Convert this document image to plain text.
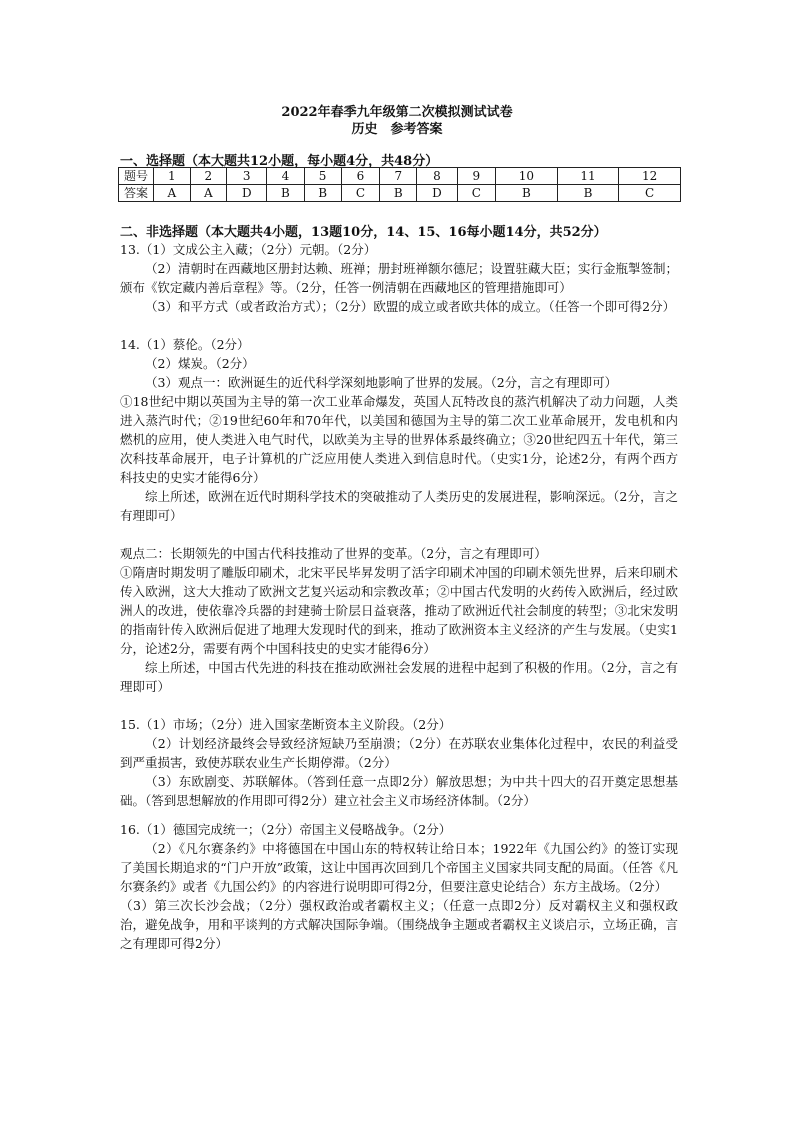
2022年春季九年级第二次模拟测试试卷
历史　参考答案
一、选择题（本大题共12小题，每小题4分，共48分）
题号	1	2	3	4	5	6	7	8	9	10	11	12
答案	A	A	D	B	B	C	B	D	C	B	B	C
二、非选择题（本大题共4小题，13题10分，14、15、16每小题14分，共52分）

13.（1）文成公主入藏；（2分）元朝。（2分）

（2）清朝时在西藏地区册封达赖、班禅；册封班禅额尔德尼；设置驻藏大臣；实行金瓶掣签制；颁布《钦定藏内善后章程》等。（2分，任答一例清朝在西藏地区的管理措施即可）

（3）和平方式（或者政治方式）；（2分）欧盟的成立或者欧共体的成立。（任答一个即可得2分）

14.（1）蔡伦。（2分）

（2）煤炭。（2分）

（3）观点一：欧洲诞生的近代科学深刻地影响了世界的发展。（2分，言之有理即可）

①18世纪中期以英国为主导的第一次工业革命爆发，英国人瓦特改良的蒸汽机解决了动力问题，人类进入蒸汽时代；②19世纪60年和70年代，以美国和德国为主导的第二次工业革命展开，发电机和内燃机的应用，使人类进入电气时代，以欧美为主导的世界体系最终确立；③20世纪四五十年代，第三次科技革命展开，电子计算机的广泛应用使人类进入到信息时代。（史实1分，论述2分，有两个西方科技史的史实才能得6分）

综上所述，欧洲在近代时期科学技术的突破推动了人类历史的发展进程，影响深远。（2分，言之有理即可）

观点二：长期领先的中国古代科技推动了世界的变革。（2分，言之有理即可）

①隋唐时期发明了雕版印刷术，北宋平民毕昇发明了活字印刷术冲国的印刷术领先世界，后来印刷术传入欧洲，这大大推动了欧洲文艺复兴运动和宗教改革；②中国古代发明的火药传入欧洲后，经过欧洲人的改进，使依靠冷兵器的封建骑士阶层日益衰落，推动了欧洲近代社会制度的转型；③北宋发明的指南针传入欧洲后促进了地理大发现时代的到来，推动了欧洲资本主义经济的产生与发展。（史实1分，论述2分，需要有两个中国科技史的史实才能得6分）

综上所述，中国古代先进的科技在推动欧洲社会发展的进程中起到了积极的作用。（2分，言之有理即可）

15.（1）市场；（2分）进入国家垄断资本主义阶段。（2分）

（2）计划经济最终会导致经济短缺乃至崩溃；（2分）在苏联农业集体化过程中，农民的利益受到严重损害，致使苏联农业生产长期停滞。（2分）

（3）东欧剧变、苏联解体。（答到任意一点即2分）解放思想；为中共十四大的召开奠定思想基础。（答到思想解放的作用即可得2分）建立社会主义市场经济体制。（2分）

16.（1）德国完成统一；（2分）帝国主义侵略战争。（2分）

（2）《凡尔赛条约》中将德国在中国山东的特权转让给日本；1922年《九国公约》的签订实现了美国长期追求的“门户开放”政策，这让中国再次回到几个帝国主义国家共同支配的局面。（任答《凡尔赛条约》或者《九国公约》的内容进行说明即可得2分，但要注意史论结合）东方主战场。（2分）

（3）第三次长沙会战；（2分）强权政治或者霸权主义；（任意一点即2分）反对霸权主义和强权政治，避免战争，用和平谈判的方式解决国际争端。（围绕战争主题或者霸权主义谈启示，立场正确，言之有理即可得2分）
